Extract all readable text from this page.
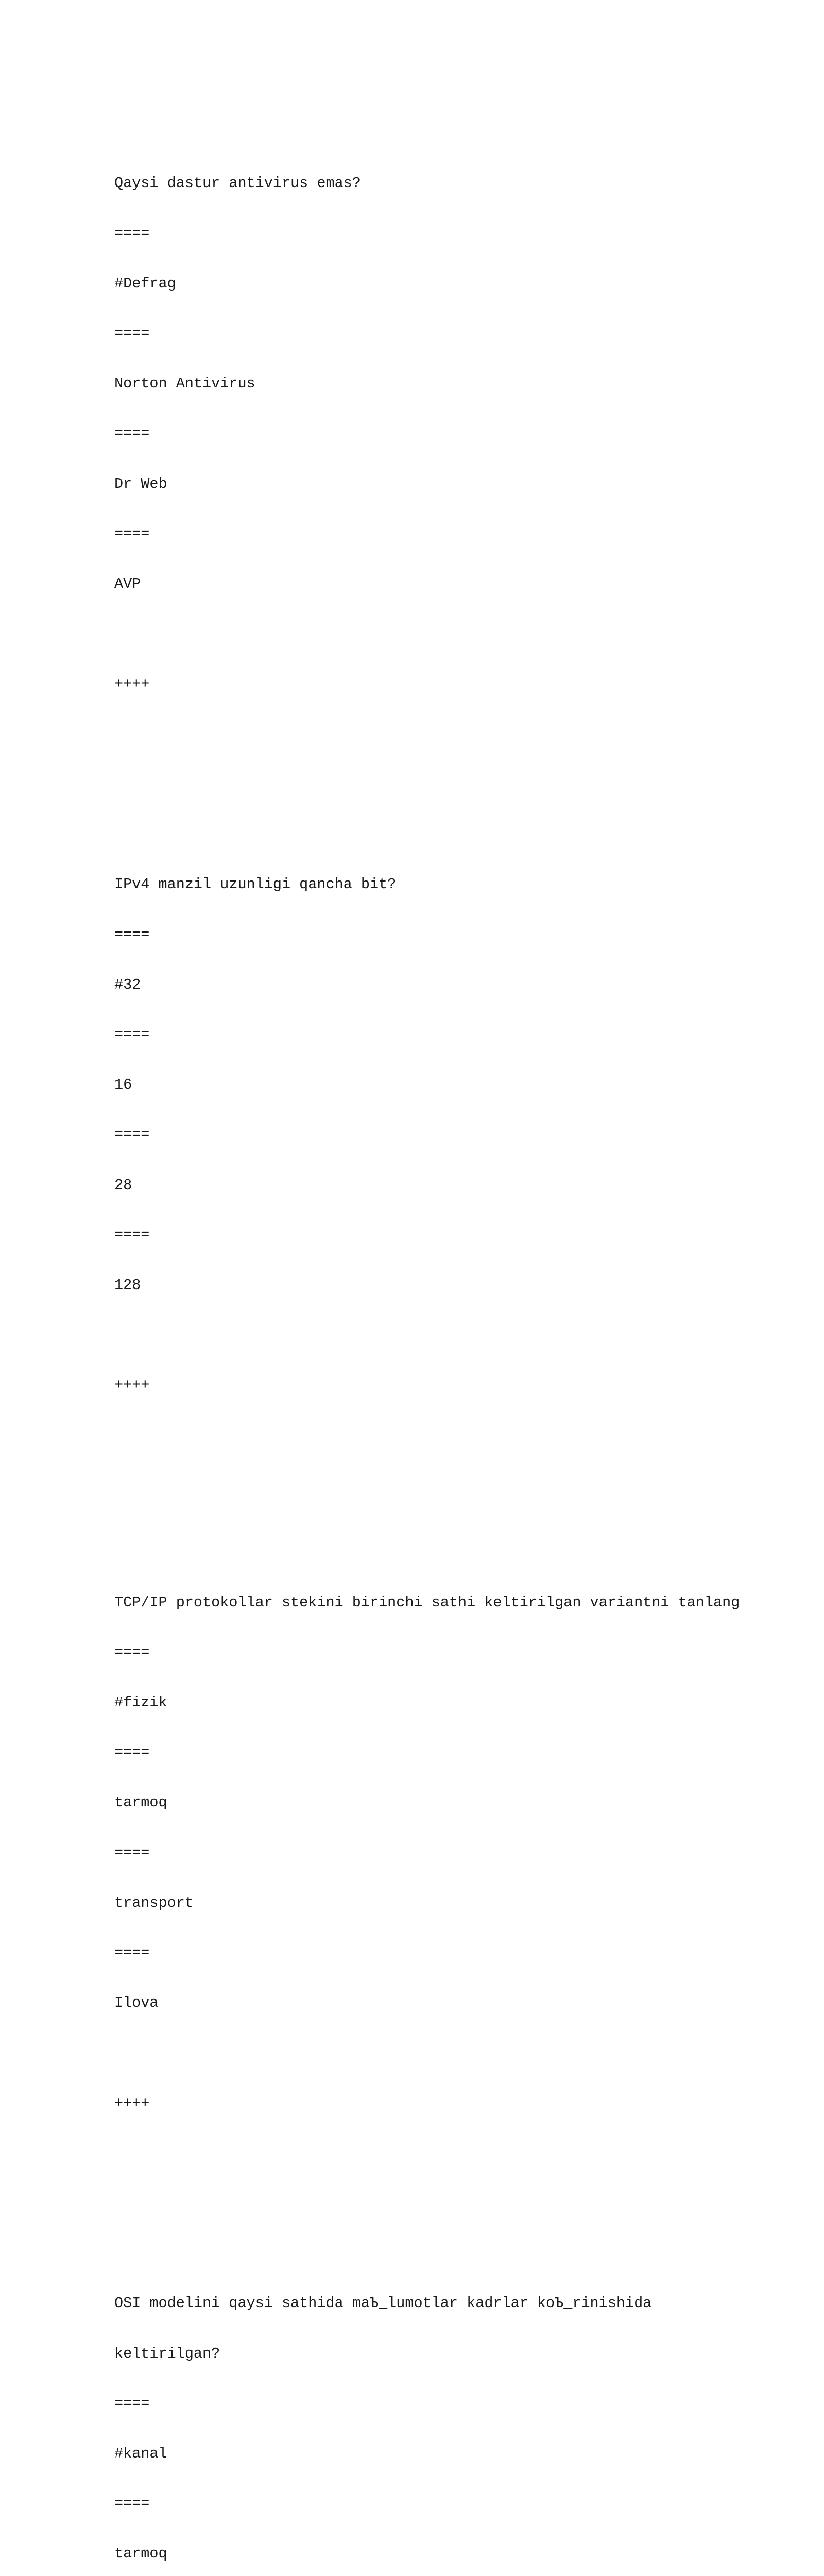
Qaysi dastur antivirus emas?

====

#Defrag

====

Norton Antivirus

====

Dr Web

====

AVP

++++

IPv4 manzil uzunligi qancha bit?

====

#32

====

16

====

28

====

128

++++

TCP/IP protokollar stekini birinchi sathi keltirilgan variantni tanlang

====

#fizik

====

tarmoq

====

transport

====

Ilova

++++

OSI modelini qaysi sathida maЪ_lumotlar kadrlar koЪ_rinishida

keltirilgan?

====

#kanal

====

tarmoq
